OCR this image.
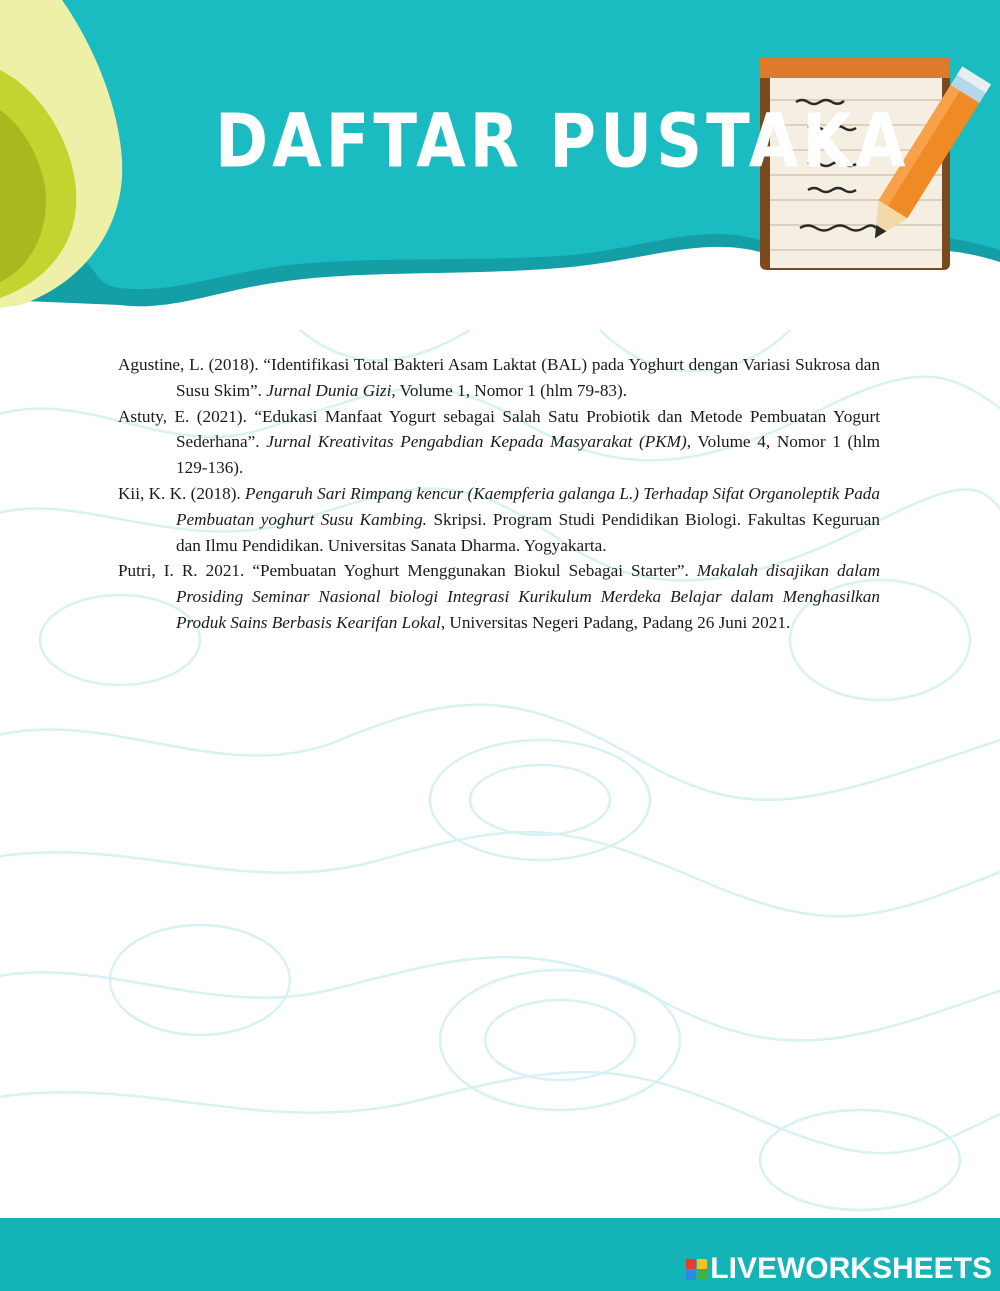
DAFTAR PUSTAKA

Agustine, L. (2018). “Identifikasi Total Bakteri Asam Laktat (BAL) pada Yoghurt dengan Variasi Sukrosa dan Susu Skim”. Jurnal Dunia Gizi, Volume 1, Nomor 1 (hlm 79-83).

Astuty, E. (2021). “Edukasi Manfaat Yogurt sebagai Salah Satu Probiotik dan Metode Pembuatan Yogurt Sederhana”. Jurnal Kreativitas Pengabdian Kepada Masyarakat (PKM), Volume 4, Nomor 1 (hlm 129-136).

Kii, K. K. (2018). Pengaruh Sari Rimpang kencur (Kaempferia galanga L.) Terhadap Sifat Organoleptik Pada Pembuatan yoghurt Susu Kambing. Skripsi. Program Studi Pendidikan Biologi. Fakultas Keguruan dan Ilmu Pendidikan. Universitas Sanata Dharma. Yogyakarta.

Putri, I. R. 2021. “Pembuatan Yoghurt Menggunakan Biokul Sebagai Starter”. Makalah disajikan dalam Prosiding Seminar Nasional biologi Integrasi Kurikulum Merdeka Belajar dalam Menghasilkan Produk Sains Berbasis Kearifan Lokal, Universitas Negeri Padang, Padang 26 Juni 2021.

LIVEWORKSHEETS
